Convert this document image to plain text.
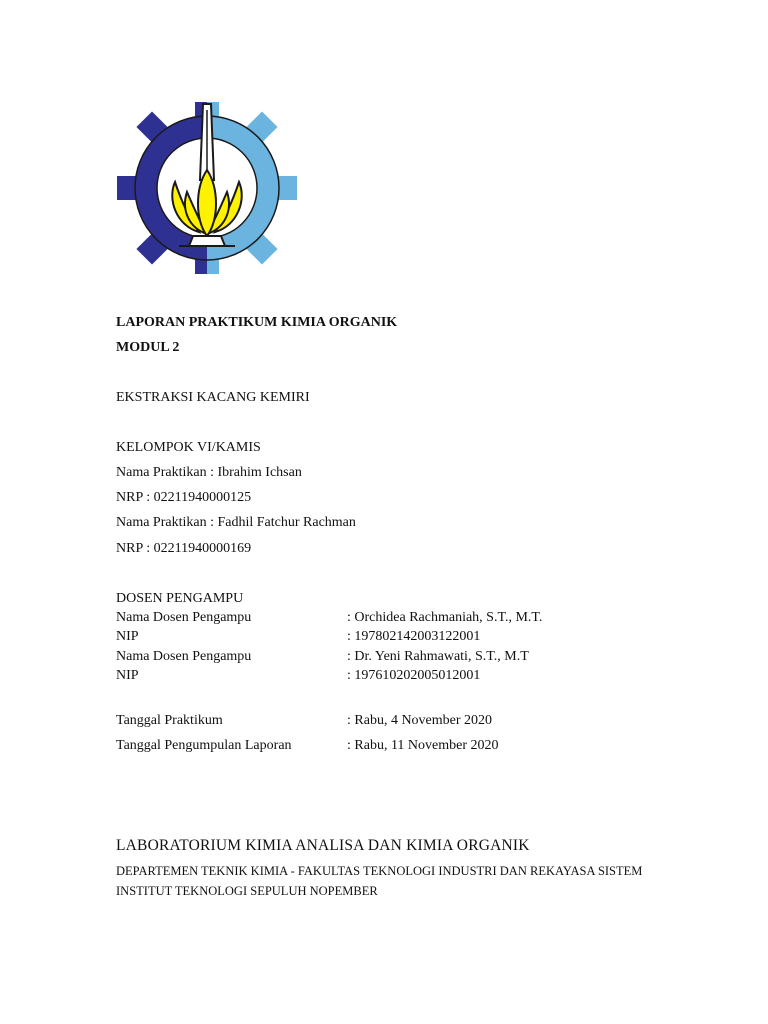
LAPORAN PRAKTIKUM KIMIA ORGANIK
MODUL 2
EKSTRAKSI KACANG KEMIRI
KELOMPOK VI/KAMIS
Nama Praktikan : Ibrahim Ichsan
NRP : 02211940000125
Nama Praktikan : Fadhil Fatchur Rachman
NRP : 02211940000169
DOSEN PENGAMPU
Nama Dosen Pengampu	: Orchidea Rachmaniah, S.T., M.T.
NIP	: 197802142003122001
Nama Dosen Pengampu	: Dr. Yeni Rahmawati, S.T., M.T
NIP	: 197610202005012001
Tanggal Praktikum	: Rabu, 4 November 2020
Tanggal Pengumpulan Laporan	: Rabu, 11 November 2020
LABORATORIUM KIMIA ANALISA DAN KIMIA ORGANIK
DEPARTEMEN TEKNIK KIMIA - FAKULTAS TEKNOLOGI INDUSTRI DAN REKAYASA SISTEM
INSTITUT TEKNOLOGI SEPULUH NOPEMBER
